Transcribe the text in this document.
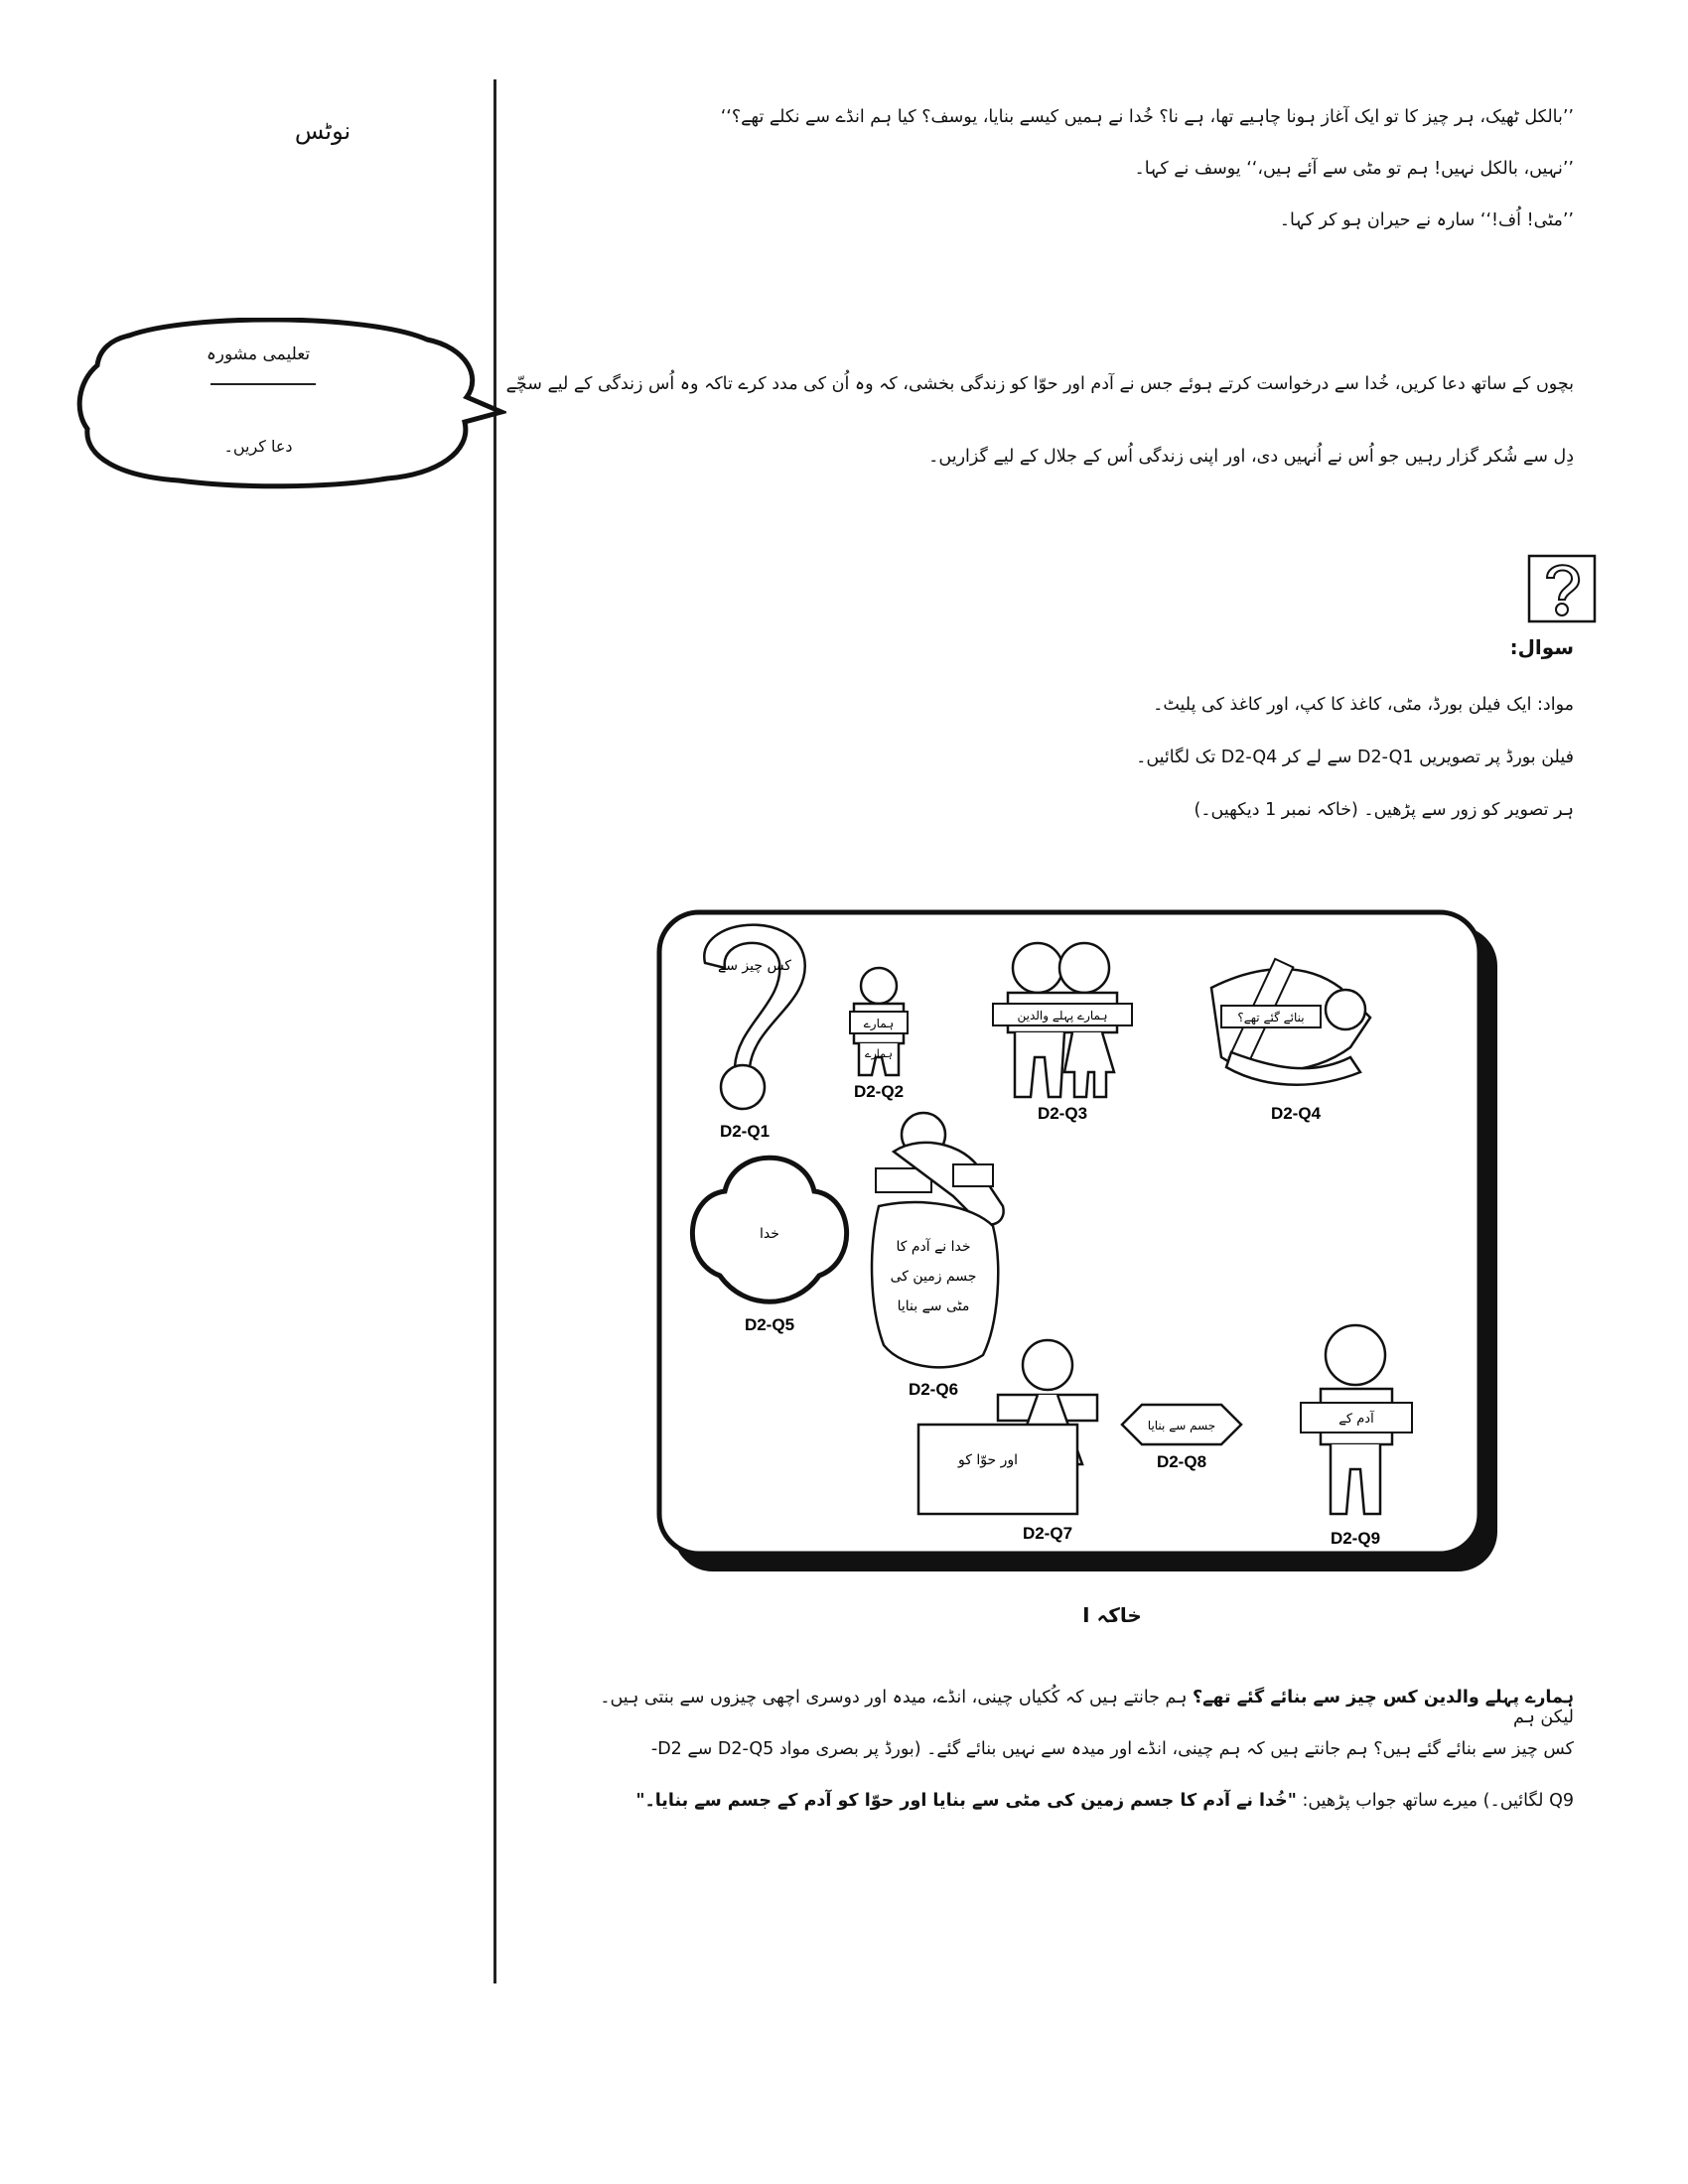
نوٹس
تعلیمی مشورہ
دعا کریں۔
’’بالکل ٹھیک، ہر چیز کا تو ایک آغاز ہونا چاہیے تھا، ہے نا؟ خُدا نے ہمیں کیسے بنایا، یوسف؟ کیا ہم انڈے سے نکلے تھے؟‘‘
’’نہیں، بالکل نہیں! ہم تو مٹی سے آئے ہیں،‘‘ یوسف نے کہا۔
’’مٹی! اُف!‘‘ سارہ نے حیران ہو کر کہا۔
بچوں کے ساتھ دعا کریں، خُدا سے درخواست کرتے ہوئے جس نے آدم اور حوّا کو زندگی بخشی، کہ وہ اُن کی مدد کرے تاکہ وہ اُس زندگی کے لیے سچّے
دِل سے شُکر گزار رہیں جو اُس نے اُنہیں دی، اور اپنی زندگی اُس کے جلال کے لیے گزاریں۔
سوال:
مواد: ایک فیلن بورڈ، مٹی، کاغذ کا کپ، اور کاغذ کی پلیٹ۔
فیلن بورڈ پر تصویریں D2-Q1 سے لے کر D2-Q4 تک لگائیں۔
ہر تصویر کو زور سے پڑھیں۔ (خاکہ نمبر 1 دیکھیں۔)
کس چیز سے
D2-Q1
ہمارے
ہمارے
D2-Q2
ہمارے پہلے والدین
D2-Q3
بنائے گئے تھے؟
D2-Q4
خدا
D2-Q5
خدا نے آدم کا
جسم زمین کی
مٹی سے بنایا
D2-Q6
اور حوّا کو
D2-Q7
جسم سے بنایا
D2-Q8
آدم کے
D2-Q9
خاکہ I
ہمارے پہلے والدین کس چیز سے بنائے گئے تھے؟ ہم جانتے ہیں کہ کُکیاں چینی، انڈے، میدہ اور دوسری اچھی چیزوں سے بنتی ہیں۔ لیکن ہم
کس چیز سے بنائے گئے ہیں؟ ہم جانتے ہیں کہ ہم چینی، انڈے اور میدہ سے نہیں بنائے گئے۔ (بورڈ پر بصری مواد D2-Q5 سے D2-
Q9 لگائیں۔) میرے ساتھ جواب پڑھیں: "خُدا نے آدم کا جسم زمین کی مٹی سے بنایا اور حوّا کو آدم کے جسم سے بنایا۔"
